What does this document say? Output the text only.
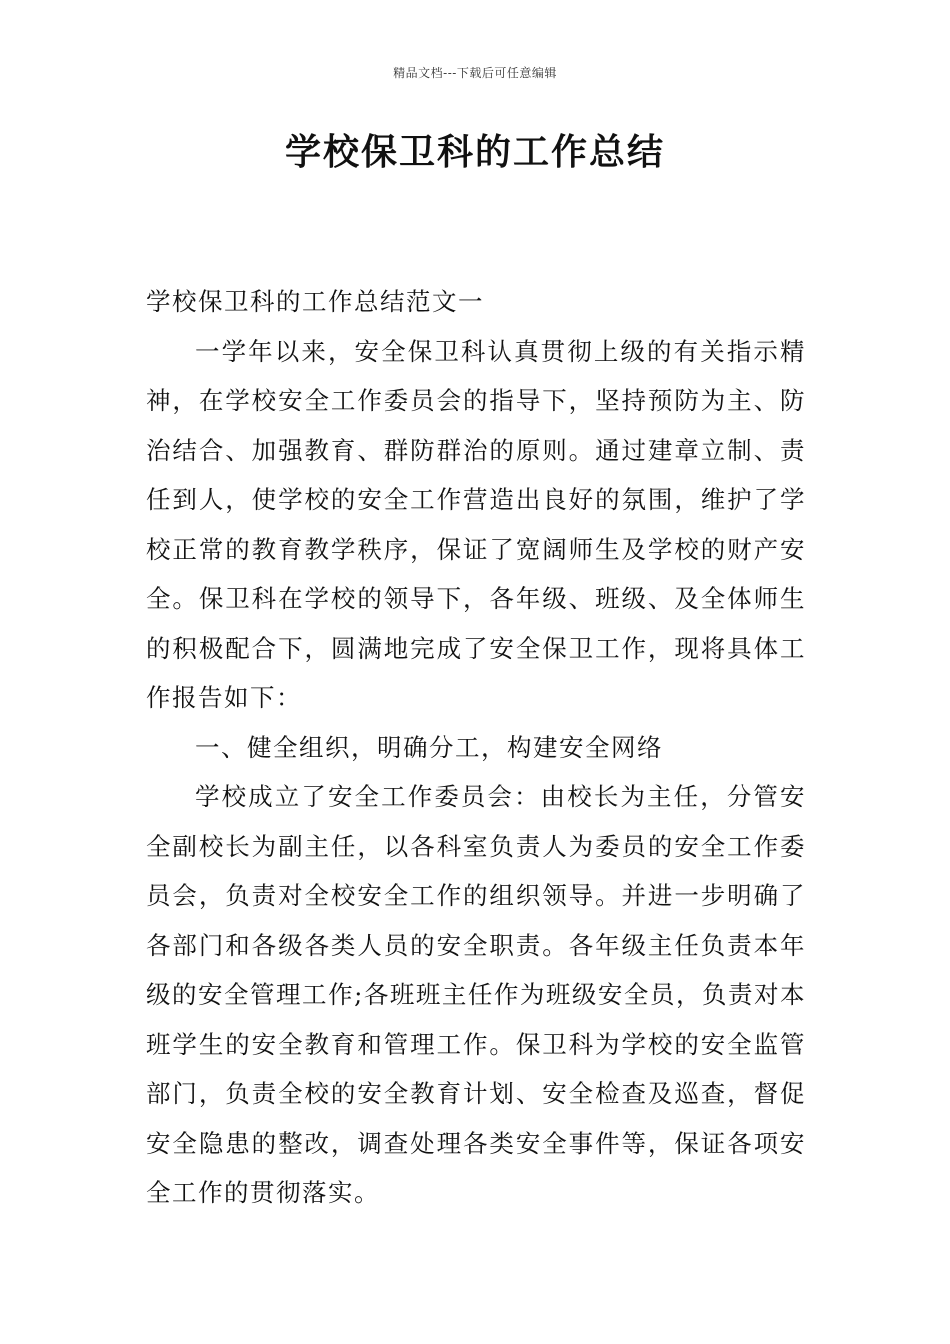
精品文档---下载后可任意编辑
学校保卫科的工作总结

学校保卫科的工作总结范文一

一学年以来，安全保卫科认真贯彻上级的有关指示精神，在学校安全工作委员会的指导下，坚持预防为主、防治结合、加强教育、群防群治的原则。通过建章立制、责任到人，使学校的安全工作营造出良好的氛围，维护了学校正常的教育教学秩序，保证了宽阔师生及学校的财产安全。保卫科在学校的领导下，各年级、班级、及全体师生的积极配合下，圆满地完成了安全保卫工作，现将具体工作报告如下：

一、健全组织，明确分工，构建安全网络

学校成立了安全工作委员会：由校长为主任，分管安全副校长为副主任，以各科室负责人为委员的安全工作委员会，负责对全校安全工作的组织领导。并进一步明确了各部门和各级各类人员的安全职责。各年级主任负责本年级的安全管理工作;各班班主任作为班级安全员，负责对本班学生的安全教育和管理工作。保卫科为学校的安全监管部门，负责全校的安全教育计划、安全检查及巡查，督促安全隐患的整改，调查处理各类安全事件等，保证各项安全工作的贯彻落实。
